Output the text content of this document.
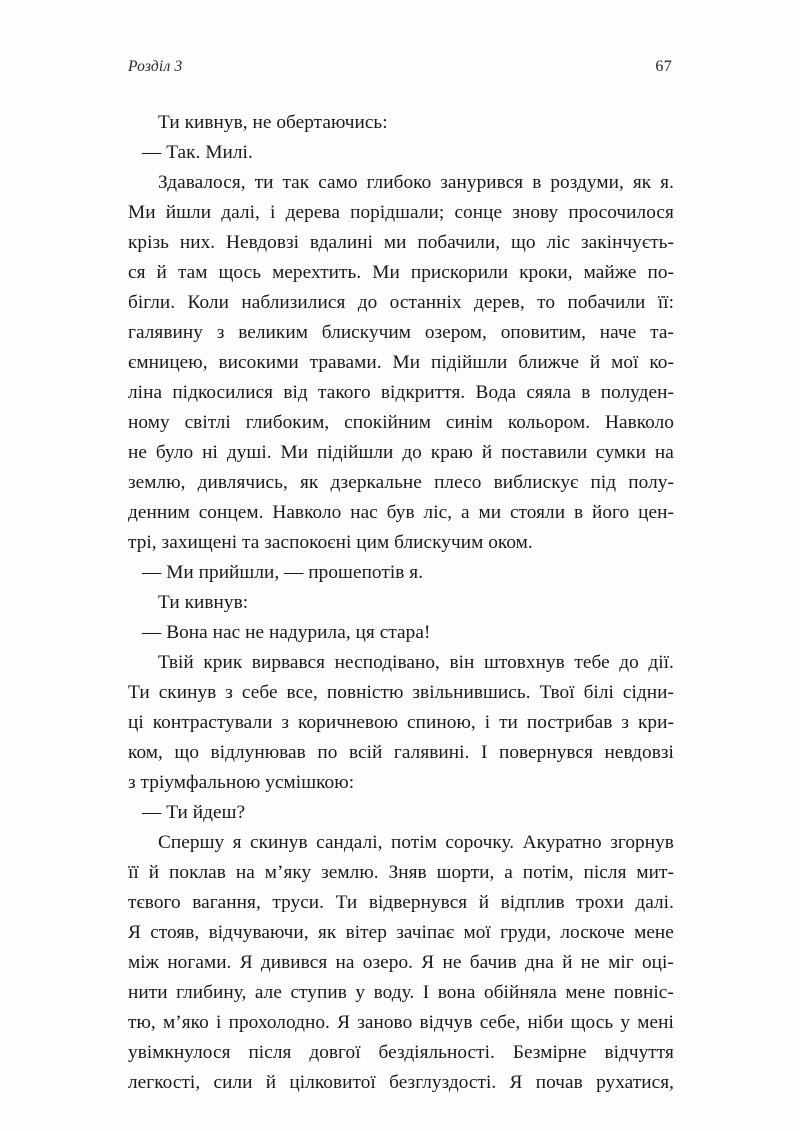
Розділ 3	67
Ти кивнув, не обертаючись:
— Так. Милі.
Здавалося, ти так само глибоко занурився в роздуми, як я.
Ми йшли далі, і дерева порідшали; сонце знову просочилося
крізь них. Невдовзі вдалині ми побачили, що ліс закінчуєть-
ся й там щось мерехтить. Ми прискорили кроки, майже по-
бігли. Коли наблизилися до останніх дерев, то побачили її:
галявину з великим блискучим озером, оповитим, наче та-
ємницею, високими травами. Ми підійшли ближче й мої ко-
ліна підкосилися від такого відкриття. Вода сяяла в полуден-
ному світлі глибоким, спокійним синім кольором. Навколо
не було ні душі. Ми підійшли до краю й поставили сумки на
землю, дивлячись, як дзеркальне плесо виблискує під полу-
денним сонцем. Навколо нас був ліс, а ми стояли в його цен-
трі, захищені та заспокоєні цим блискучим оком.
— Ми прийшли, — прошепотів я.
Ти кивнув:
— Вона нас не надурила, ця стара!
Твій крик вирвався несподівано, він штовхнув тебе до дії.
Ти скинув з себе все, повністю звільнившись. Твої білі сідни-
ці контрастували з коричневою спиною, і ти пострибав з кри-
ком, що відлунював по всій галявині. І повернувся невдовзі
з тріумфальною усмішкою:
— Ти йдеш?
Спершу я скинув сандалі, потім сорочку. Акуратно згорнув
її й поклав на м’яку землю. Зняв шорти, а потім, після мит-
тєвого вагання, труси. Ти відвернувся й відплив трохи далі.
Я стояв, відчуваючи, як вітер зачіпає мої груди, лоскоче мене
між ногами. Я дивився на озеро. Я не бачив дна й не міг оці-
нити глибину, але ступив у воду. І вона обійняла мене повніс-
тю, м’яко і прохолодно. Я заново відчув себе, ніби щось у мені
увімкнулося після довгої бездіяльності. Безмірне відчуття
легкості, сили й цілковитої безглуздості. Я почав рухатися,
